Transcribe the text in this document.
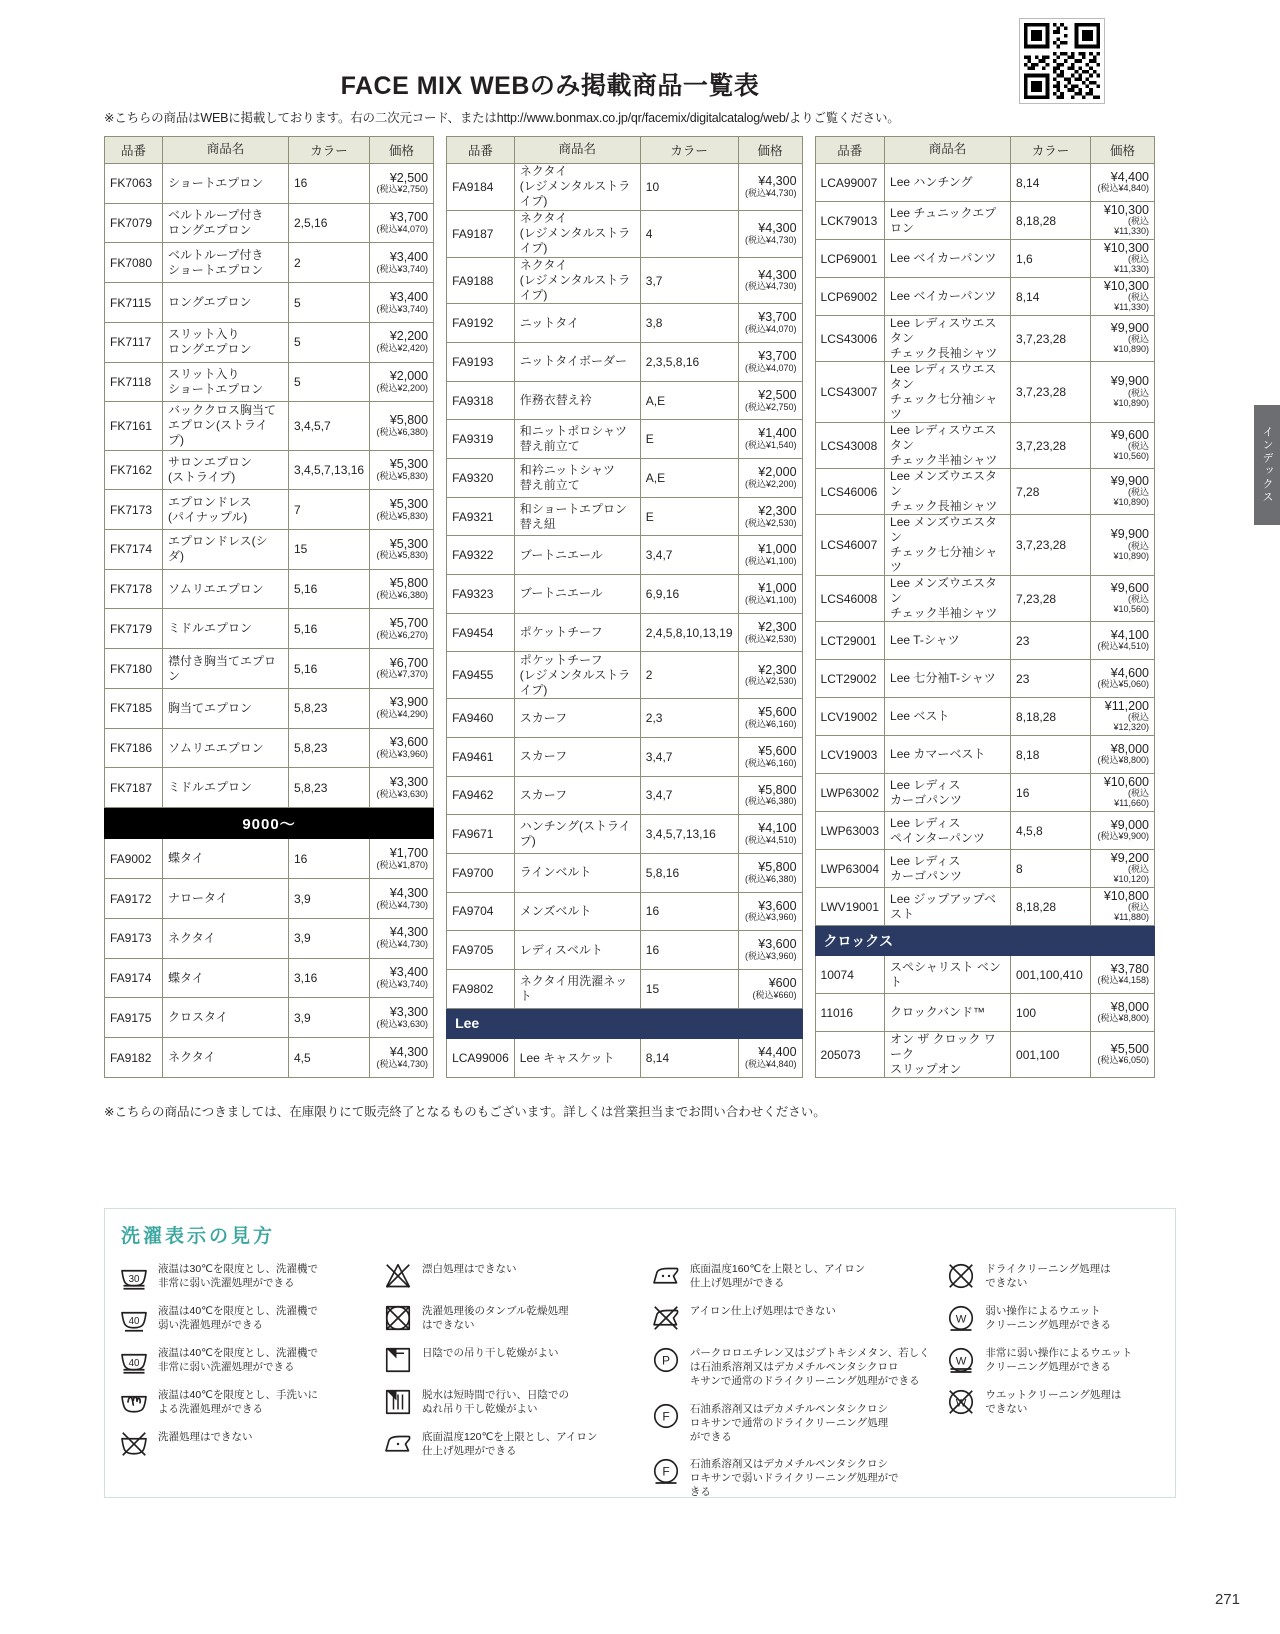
FACE MIX WEBのみ掲載商品一覧表
※こちらの商品はWEBに掲載しております。右の二次元コード、またはhttp://www.bonmax.co.jp/qr/facemix/digitalcatalog/web/よりご覧ください。
インデックス
品番	商品名	カラー	価格
FK7063	ショートエプロン	16	¥2,500
(税込¥2,750)

FK7079	ベルトループ付き
ロングエプロン	2,5,16	¥3,700
(税込¥4,070)

FK7080	ベルトループ付き
ショートエプロン	2	¥3,400
(税込¥3,740)

FK7115	ロングエプロン	5	¥3,400
(税込¥3,740)

FK7117	スリット入り
ロングエプロン	5	¥2,200
(税込¥2,420)

FK7118	スリット入り
ショートエプロン	5	¥2,000
(税込¥2,200)

FK7161	バッククロス胸当て
エプロン(ストライプ)	3,4,5,7	¥5,800
(税込¥6,380)

FK7162	サロンエプロン
(ストライプ)	3,4,5,7,13,16	¥5,300
(税込¥5,830)

FK7173	エプロンドレス
(パイナップル)	7	¥5,300
(税込¥5,830)

FK7174	エプロンドレス(シダ)	15	¥5,300
(税込¥5,830)

FK7178	ソムリエエプロン	5,16	¥5,800
(税込¥6,380)

FK7179	ミドルエプロン	5,16	¥5,700
(税込¥6,270)

FK7180	襟付き胸当てエプロン	5,16	¥6,700
(税込¥7,370)

FK7185	胸当てエプロン	5,8,23	¥3,900
(税込¥4,290)

FK7186	ソムリエエプロン	5,8,23	¥3,600
(税込¥3,960)

FK7187	ミドルエプロン	5,8,23	¥3,300
(税込¥3,630)

9000～			
FA9002	蝶タイ	16	¥1,700
(税込¥1,870)

FA9172	ナロータイ	3,9	¥4,300
(税込¥4,730)

FA9173	ネクタイ	3,9	¥4,300
(税込¥4,730)

FA9174	蝶タイ	3,16	¥3,400
(税込¥3,740)

FA9175	クロスタイ	3,9	¥3,300
(税込¥3,630)

FA9182	ネクタイ	4,5	¥4,300
(税込¥4,730)
品番	商品名	カラー	価格
FA9184	ネクタイ
(レジメンタルストライプ)	10	¥4,300
(税込¥4,730)

FA9187	ネクタイ
(レジメンタルストライプ)	4	¥4,300
(税込¥4,730)

FA9188	ネクタイ
(レジメンタルストライプ)	3,7	¥4,300
(税込¥4,730)

FA9192	ニットタイ	3,8	¥3,700
(税込¥4,070)

FA9193	ニットタイボーダー	2,3,5,8,16	¥3,700
(税込¥4,070)

FA9318	作務衣替え衿	A,E	¥2,500
(税込¥2,750)

FA9319	和ニットポロシャツ
替え前立て	E	¥1,400
(税込¥1,540)

FA9320	和衿ニットシャツ
替え前立て	A,E	¥2,000
(税込¥2,200)

FA9321	和ショートエプロン替え紐	E	¥2,300
(税込¥2,530)

FA9322	ブートニエール	3,4,7	¥1,000
(税込¥1,100)

FA9323	ブートニエール	6,9,16	¥1,000
(税込¥1,100)

FA9454	ポケットチーフ	2,4,5,8,10,13,19	¥2,300
(税込¥2,530)

FA9455	ポケットチーフ
(レジメンタルストライプ)	2	¥2,300
(税込¥2,530)

FA9460	スカーフ	2,3	¥5,600
(税込¥6,160)

FA9461	スカーフ	3,4,7	¥5,600
(税込¥6,160)

FA9462	スカーフ	3,4,7	¥5,800
(税込¥6,380)

FA9671	ハンチング(ストライプ)	3,4,5,7,13,16	¥4,100
(税込¥4,510)

FA9700	ラインベルト	5,8,16	¥5,800
(税込¥6,380)

FA9704	メンズベルト	16	¥3,600
(税込¥3,960)

FA9705	レディスベルト	16	¥3,600
(税込¥3,960)

FA9802	ネクタイ用洗濯ネット	15	¥600
(税込¥660)

Lee			
LCA99006	Lee キャスケット	8,14	¥4,400
(税込¥4,840)
品番	商品名	カラー	価格
LCA99007	Lee ハンチング	8,14	¥4,400
(税込¥4,840)

LCK79013	Lee チュニックエプロン	8,18,28	¥10,300
(税込¥11,330)

LCP69001	Lee ベイカーパンツ	1,6	¥10,300
(税込¥11,330)

LCP69002	Lee ベイカーパンツ	8,14	¥10,300
(税込¥11,330)

LCS43006	Lee レディスウエスタン
チェック長袖シャツ	3,7,23,28	¥9,900
(税込¥10,890)

LCS43007	Lee レディスウエスタン
チェック七分袖シャツ	3,7,23,28	¥9,900
(税込¥10,890)

LCS43008	Lee レディスウエスタン
チェック半袖シャツ	3,7,23,28	¥9,600
(税込¥10,560)

LCS46006	Lee メンズウエスタン
チェック長袖シャツ	7,28	¥9,900
(税込¥10,890)

LCS46007	Lee メンズウエスタン
チェック七分袖シャツ	3,7,23,28	¥9,900
(税込¥10,890)

LCS46008	Lee メンズウエスタン
チェック半袖シャツ	7,23,28	¥9,600
(税込¥10,560)

LCT29001	Lee T-シャツ	23	¥4,100
(税込¥4,510)

LCT29002	Lee 七分袖T-シャツ	23	¥4,600
(税込¥5,060)

LCV19002	Lee ベスト	8,18,28	¥11,200
(税込¥12,320)

LCV19003	Lee カマーベスト	8,18	¥8,000
(税込¥8,800)

LWP63002	Lee レディス
カーゴパンツ	16	¥10,600
(税込¥11,660)

LWP63003	Lee レディス
ペインターパンツ	4,5,8	¥9,000
(税込¥9,900)

LWP63004	Lee レディス
カーゴパンツ	8	¥9,200
(税込¥10,120)

LWV19001	Lee ジップアップベスト	8,18,28	¥10,800
(税込¥11,880)

クロックス			
10074	スペシャリスト ベント	001,100,410	¥3,780
(税込¥4,158)

11016	クロックバンド™	100	¥8,000
(税込¥8,800)

205073	オン ザ クロック ワーク
スリップオン	001,100	¥5,500
(税込¥6,050)
※こちらの商品につきましては、在庫限りにて販売終了となるものもございます。詳しくは営業担当までお問い合わせください。
洗濯表示の見方
30
液温は30℃を限度とし、洗濯機で
非常に弱い洗濯処理ができる
40
液温は40℃を限度とし、洗濯機で
弱い洗濯処理ができる
40
液温は40℃を限度とし、洗濯機で
非常に弱い洗濯処理ができる
液温は40℃を限度とし、手洗いに
よる洗濯処理ができる
洗濯処理はできない
漂白処理はできない
洗濯処理後のタンブル乾燥処理
はできない
日陰での吊り干し乾燥がよい
脱水は短時間で行い、日陰での
ぬれ吊り干し乾燥がよい
底面温度120℃を上限とし、アイロン
仕上げ処理ができる
底面温度160℃を上限とし、アイロン
仕上げ処理ができる
アイロン仕上げ処理はできない
P
パークロロエチレン又はジブトキシメタン、若しく
は石油系溶剤又はデカメチルペンタシクロロ
キサンで通常のドライクリーニング処理ができる
F
石油系溶剤又はデカメチルペンタシクロシ
ロキサンで通常のドライクリーニング処理
ができる
F
石油系溶剤又はデカメチルペンタシクロシ
ロキサンで弱いドライクリーニング処理がで
きる
ドライクリーニング処理は
できない
W
弱い操作によるウエット
クリーニング処理ができる
W
非常に弱い操作によるウエット
クリーニング処理ができる
W
ウエットクリーニング処理は
できない
271
